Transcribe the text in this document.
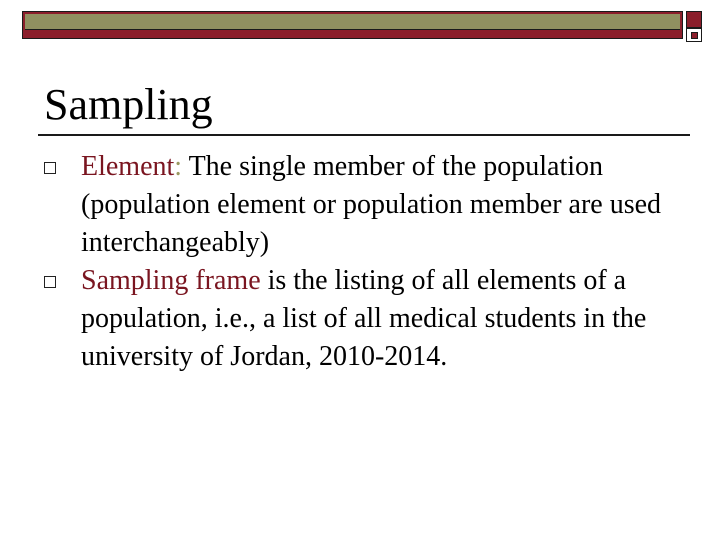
Sampling
Element: The single member of the population (population element or population member are used interchangeably)
Sampling frame is the listing of all elements of a population, i.e., a list of all medical students in the university of Jordan, 2010-2014.
